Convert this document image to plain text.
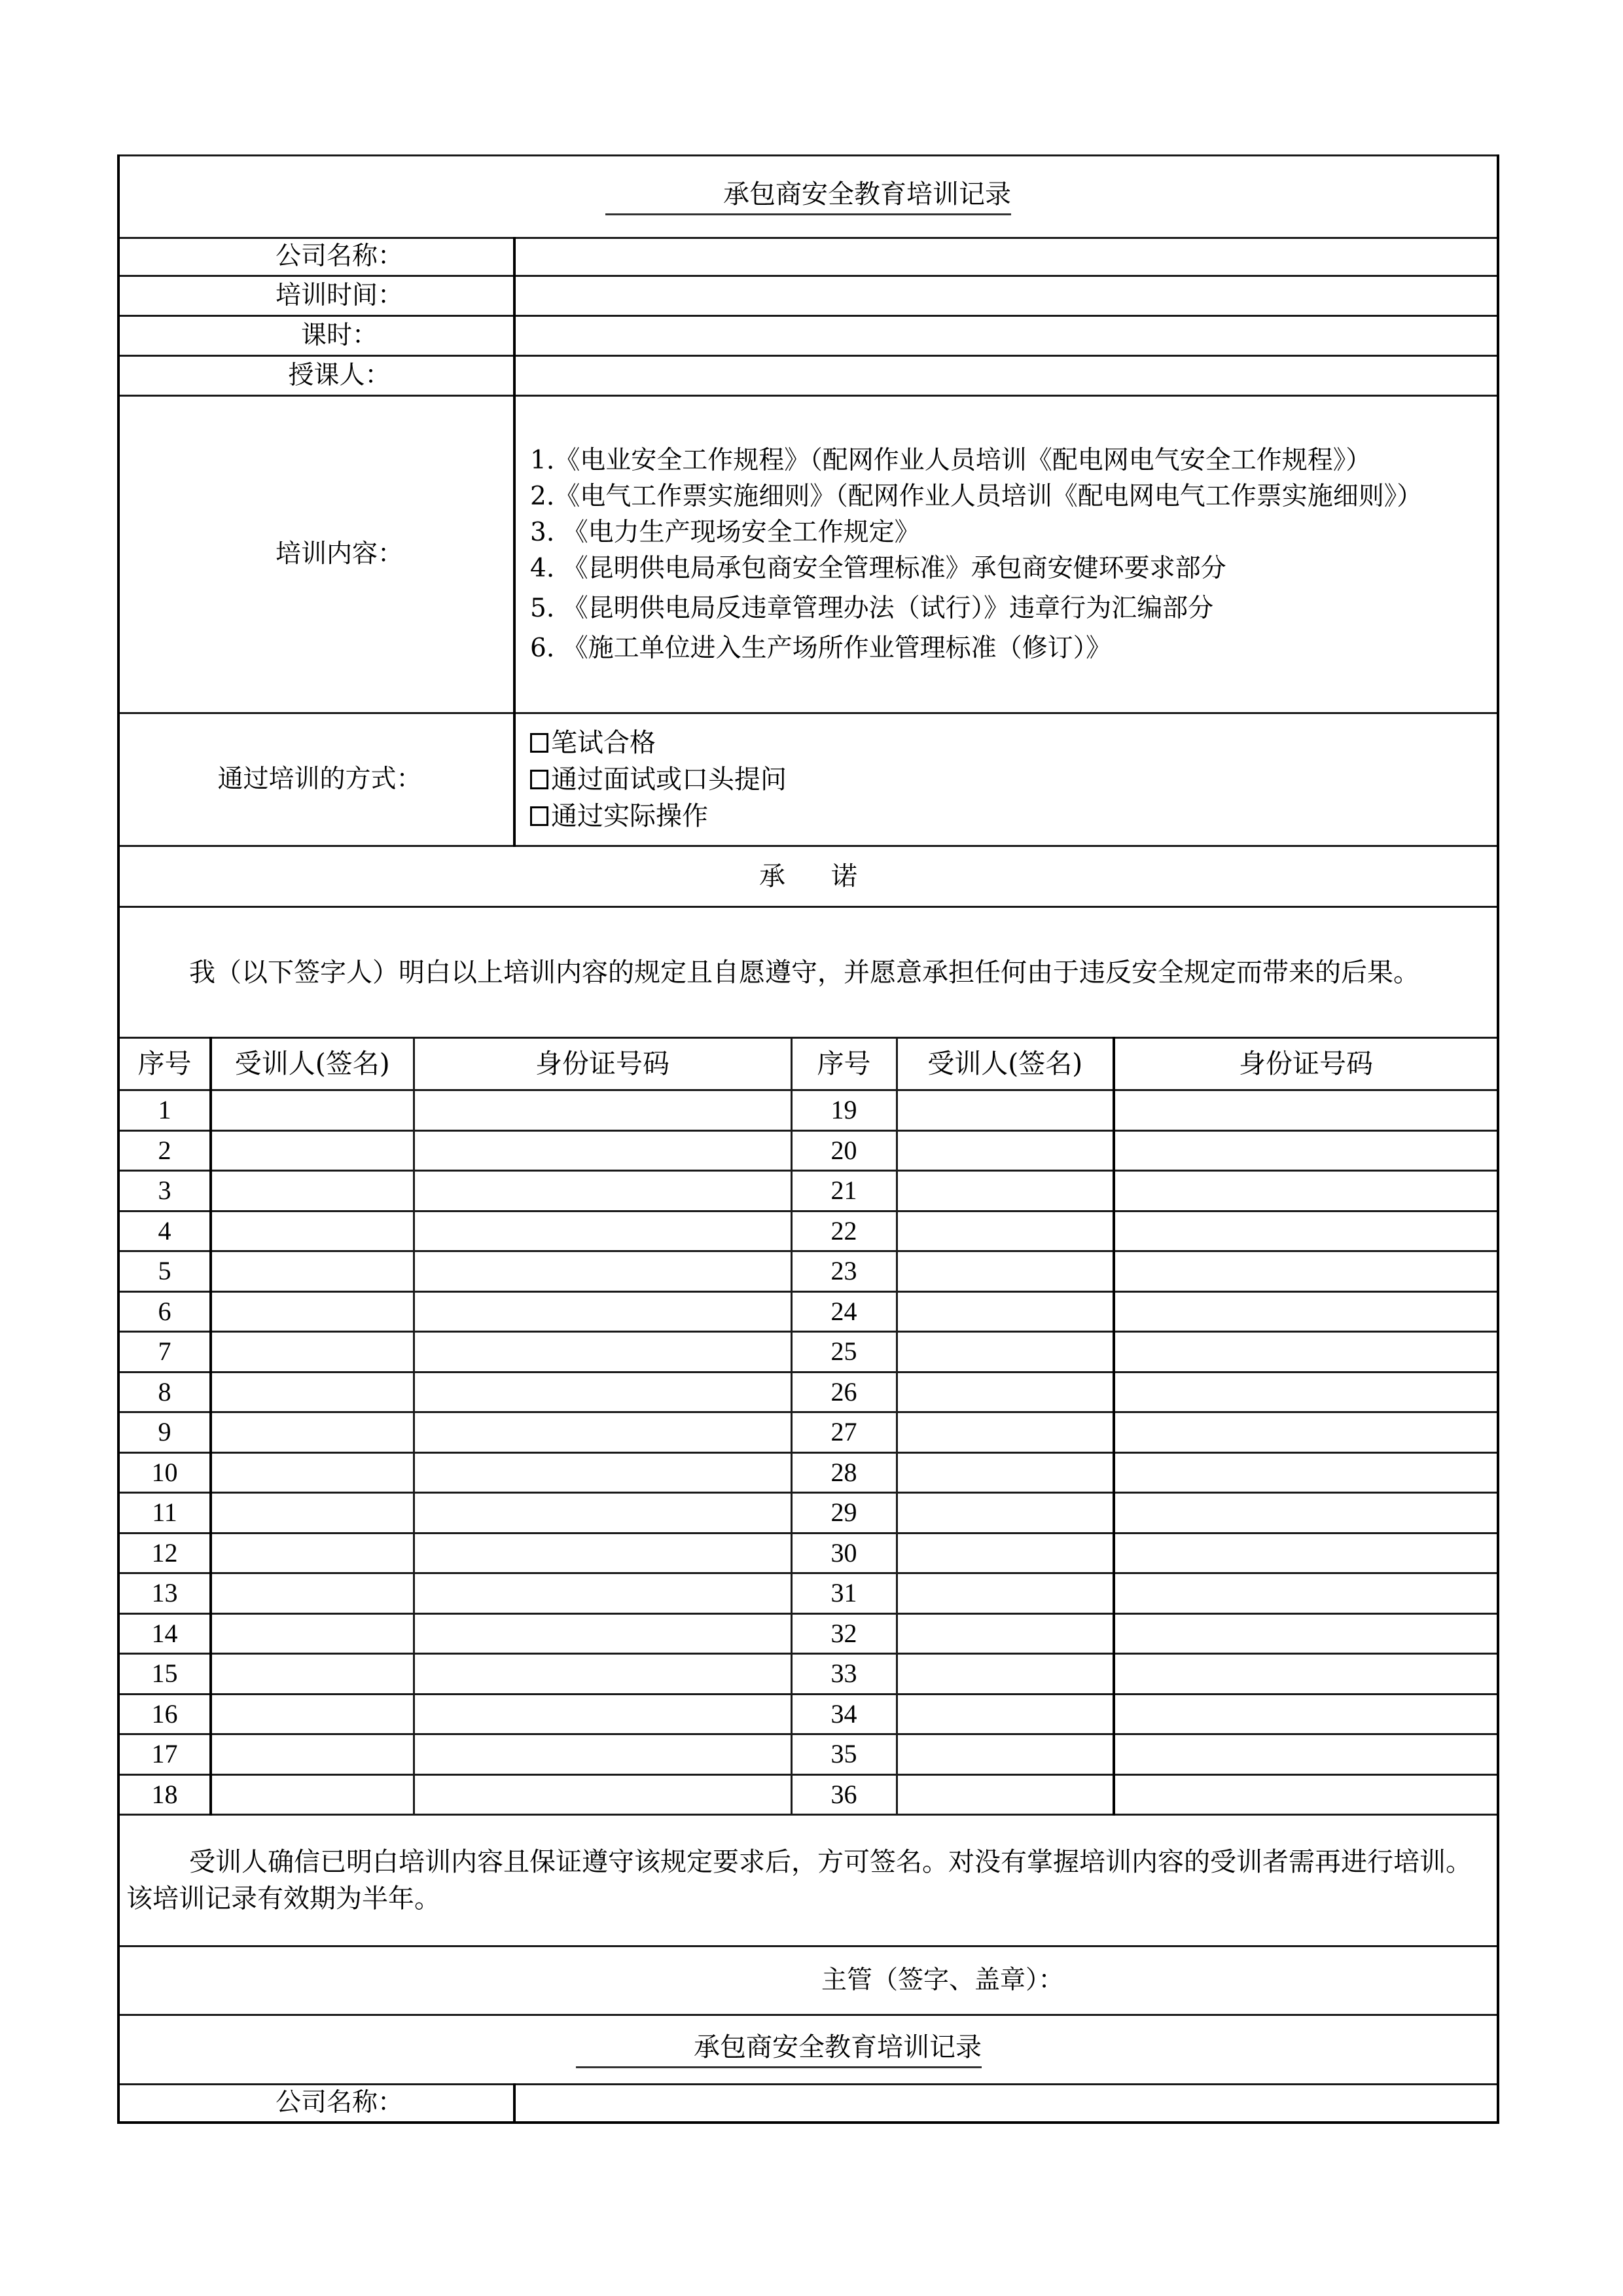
承包商安全教育培训记录						
公司名称：						
培训时间：						
课时：						
授课人：						
培训内容：	
1.《电业安全工作规程》（配网作业人员培训《配电网电气安全工作规程》）
2.《电气工作票实施细则》（配网作业人员培训《配电网电气工作票实施细则》）
3. 《电力生产现场安全工作规定》
4. 《昆明供电局承包商安全管理标准》承包商安健环要求部分
5. 《昆明供电局反违章管理办法（试行）》违章行为汇编部分
6. 《施工单位进入生产场所作业管理标准（修订）》

通过培训的方式：			笔试合格
通过面试或口头提问
通过实际操作			

承 诺						
我（以下签字人）明白以上培训内容的规定且自愿遵守，并愿意承担任何由于违反安全规定而带来的后果。						
序号	受训人(签名)	身份证号码		序号	受训人(签名)	身份证号码
1			19		
2			20		
3			21		
4			22		
5			23		
6			24		
7			25		
8			26		
9			27		
10			28		
11			29		
12			30		
13			31		
14			32		
15			33		
16			34		
17			35		
18			36		
受训人确信已明白培训内容且保证遵守该规定要求后，方可签名。对没有掌握培训内容的受训者需再进行培训。该培训记录有效期为半年。
主管（签字、盖章）：
承包商安全教育培训记录
公司名称：	
